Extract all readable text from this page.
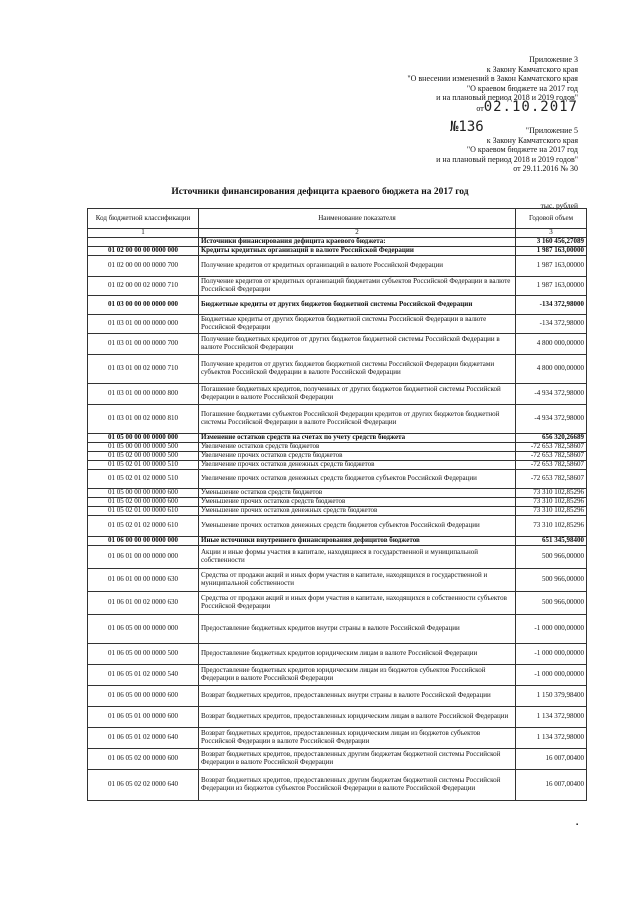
Приложение 3
к Закону Камчатского края
"О внесении изменений в Закон Камчатского края
"О краевом бюджете на 2017 год
и на плановый период 2018 и 2019 годов"
от02.10.2017
№136	"Приложение 5
к Закону Камчатского края
"О краевом бюджете на 2017 год
и на плановый период 2018 и 2019 годов"
от 29.11.2016 № 30
Источники финансирования дефицита краевого бюджета на 2017 год
тыс. рублей
Код бюджетной классификации	Наименование показателя	Годовой объем
1	2	3
	Источники финансирования дефицита краевого бюджета:	3 160 456,27089
01 02 00 00 00 0000 000	Кредиты кредитных организаций в валюте Российской Федерации	1 987 163,00000
01 02 00 00 00 0000 700	Получение кредитов от кредитных организаций в валюте Российской Федерации	1 987 163,00000
01 02 00 00 02 0000 710	Получение кредитов от кредитных организаций бюджетами субъектов Российской Федерации в валюте Российской Федерации	1 987 163,00000
01 03 00 00 00 0000 000	Бюджетные кредиты от других бюджетов бюджетной системы Российской Федерации	-134 372,98000
01 03 01 00 00 0000 000	Бюджетные кредиты от других бюджетов бюджетной системы Российской Федерации в валюте Российской Федерации	-134 372,98000
01 03 01 00 00 0000 700	Получение бюджетных кредитов от других бюджетов бюджетной системы Российской Федерации в валюте Российской Федерации	4 800 000,00000
01 03 01 00 02 0000 710	Получение кредитов от других бюджетов бюджетной системы Российской Федерации бюджетами субъектов Российской Федерации в валюте Российской Федерации	4 800 000,00000
01 03 01 00 00 0000 800	Погашение бюджетных кредитов, полученных от других бюджетов бюджетной системы Российской Федерации в валюте Российской Федерации	-4 934 372,98000
01 03 01 00 02 0000 810	Погашение бюджетами субъектов Российской Федерации кредитов от других бюджетов бюджетной системы Российской Федерации в валюте Российской Федерации	-4 934 372,98000
01 05 00 00 00 0000 000	Изменение остатков средств на счетах по учету средств бюджета	656 320,26689
01 05 00 00 00 0000 500	Увеличение остатков средств бюджетов	-72 653 782,58607
01 05 02 00 00 0000 500	Увеличение прочих остатков средств бюджетов	-72 653 782,58607
01 05 02 01 00 0000 510	Увеличение прочих остатков денежных средств бюджетов	-72 653 782,58607
01 05 02 01 02 0000 510	Увеличение прочих остатков денежных средств бюджетов субъектов Российской Федерации	-72 653 782,58607
01 05 00 00 00 0000 600	Уменьшение остатков средств бюджетов	73 310 102,85296
01 05 02 00 00 0000 600	Уменьшение прочих остатков средств бюджетов	73 310 102,85296
01 05 02 01 00 0000 610	Уменьшение прочих остатков денежных средств бюджетов	73 310 102,85296
01 05 02 01 02 0000 610	Уменьшение прочих остатков денежных средств бюджетов субъектов Российской Федерации	73 310 102,85296
01 06 00 00 00 0000 000	Иные источники внутреннего финансирования дефицитов бюджетов	651 345,98400
01 06 01 00 00 0000 000	Акции и иные формы участия в капитале, находящиеся в государственной и муниципальной собственности	500 966,00000
01 06 01 00 00 0000 630	Средства от продажи акций и иных форм участия в капитале, находящихся в государственной и муниципальной собственности	500 966,00000
01 06 01 00 02 0000 630	Средства от продажи акций и иных форм участия в капитале, находящихся в собственности субъектов Российской Федерации	500 966,00000
01 06 05 00 00 0000 000	Предоставление бюджетных кредитов внутри страны в валюте Российской Федерации	-1 000 000,00000
01 06 05 00 00 0000 500	Предоставление бюджетных кредитов юридическим лицам в валюте Российской Федерации	-1 000 000,00000
01 06 05 01 02 0000 540	Предоставление бюджетных кредитов юридическим лицам из бюджетов субъектов Российской Федерации в валюте Российской Федерации	-1 000 000,00000
01 06 05 00 00 0000 600	Возврат бюджетных кредитов, предоставленных внутри страны в валюте Российской Федерации	1 150 379,98400
01 06 05 01 00 0000 600	Возврат бюджетных кредитов, предоставленных юридическим лицам в валюте Российской Федерации	1 134 372,98000
01 06 05 01 02 0000 640	Возврат бюджетных кредитов, предоставленных юридическим лицам из бюджетов субъектов Российской Федерации в валюте Российской Федерации	1 134 372,98000
01 06 05 02 00 0000 600	Возврат бюджетных кредитов, предоставленных другим бюджетам бюджетной системы Российской Федерации в валюте Российской Федерации	16 007,00400
01 06 05 02 02 0000 640	Возврат бюджетных кредитов, предоставленных другим бюджетам бюджетной системы Российской Федерации из бюджетов субъектов Российской Федерации в валюте Российской Федерации	16 007,00400
▪
